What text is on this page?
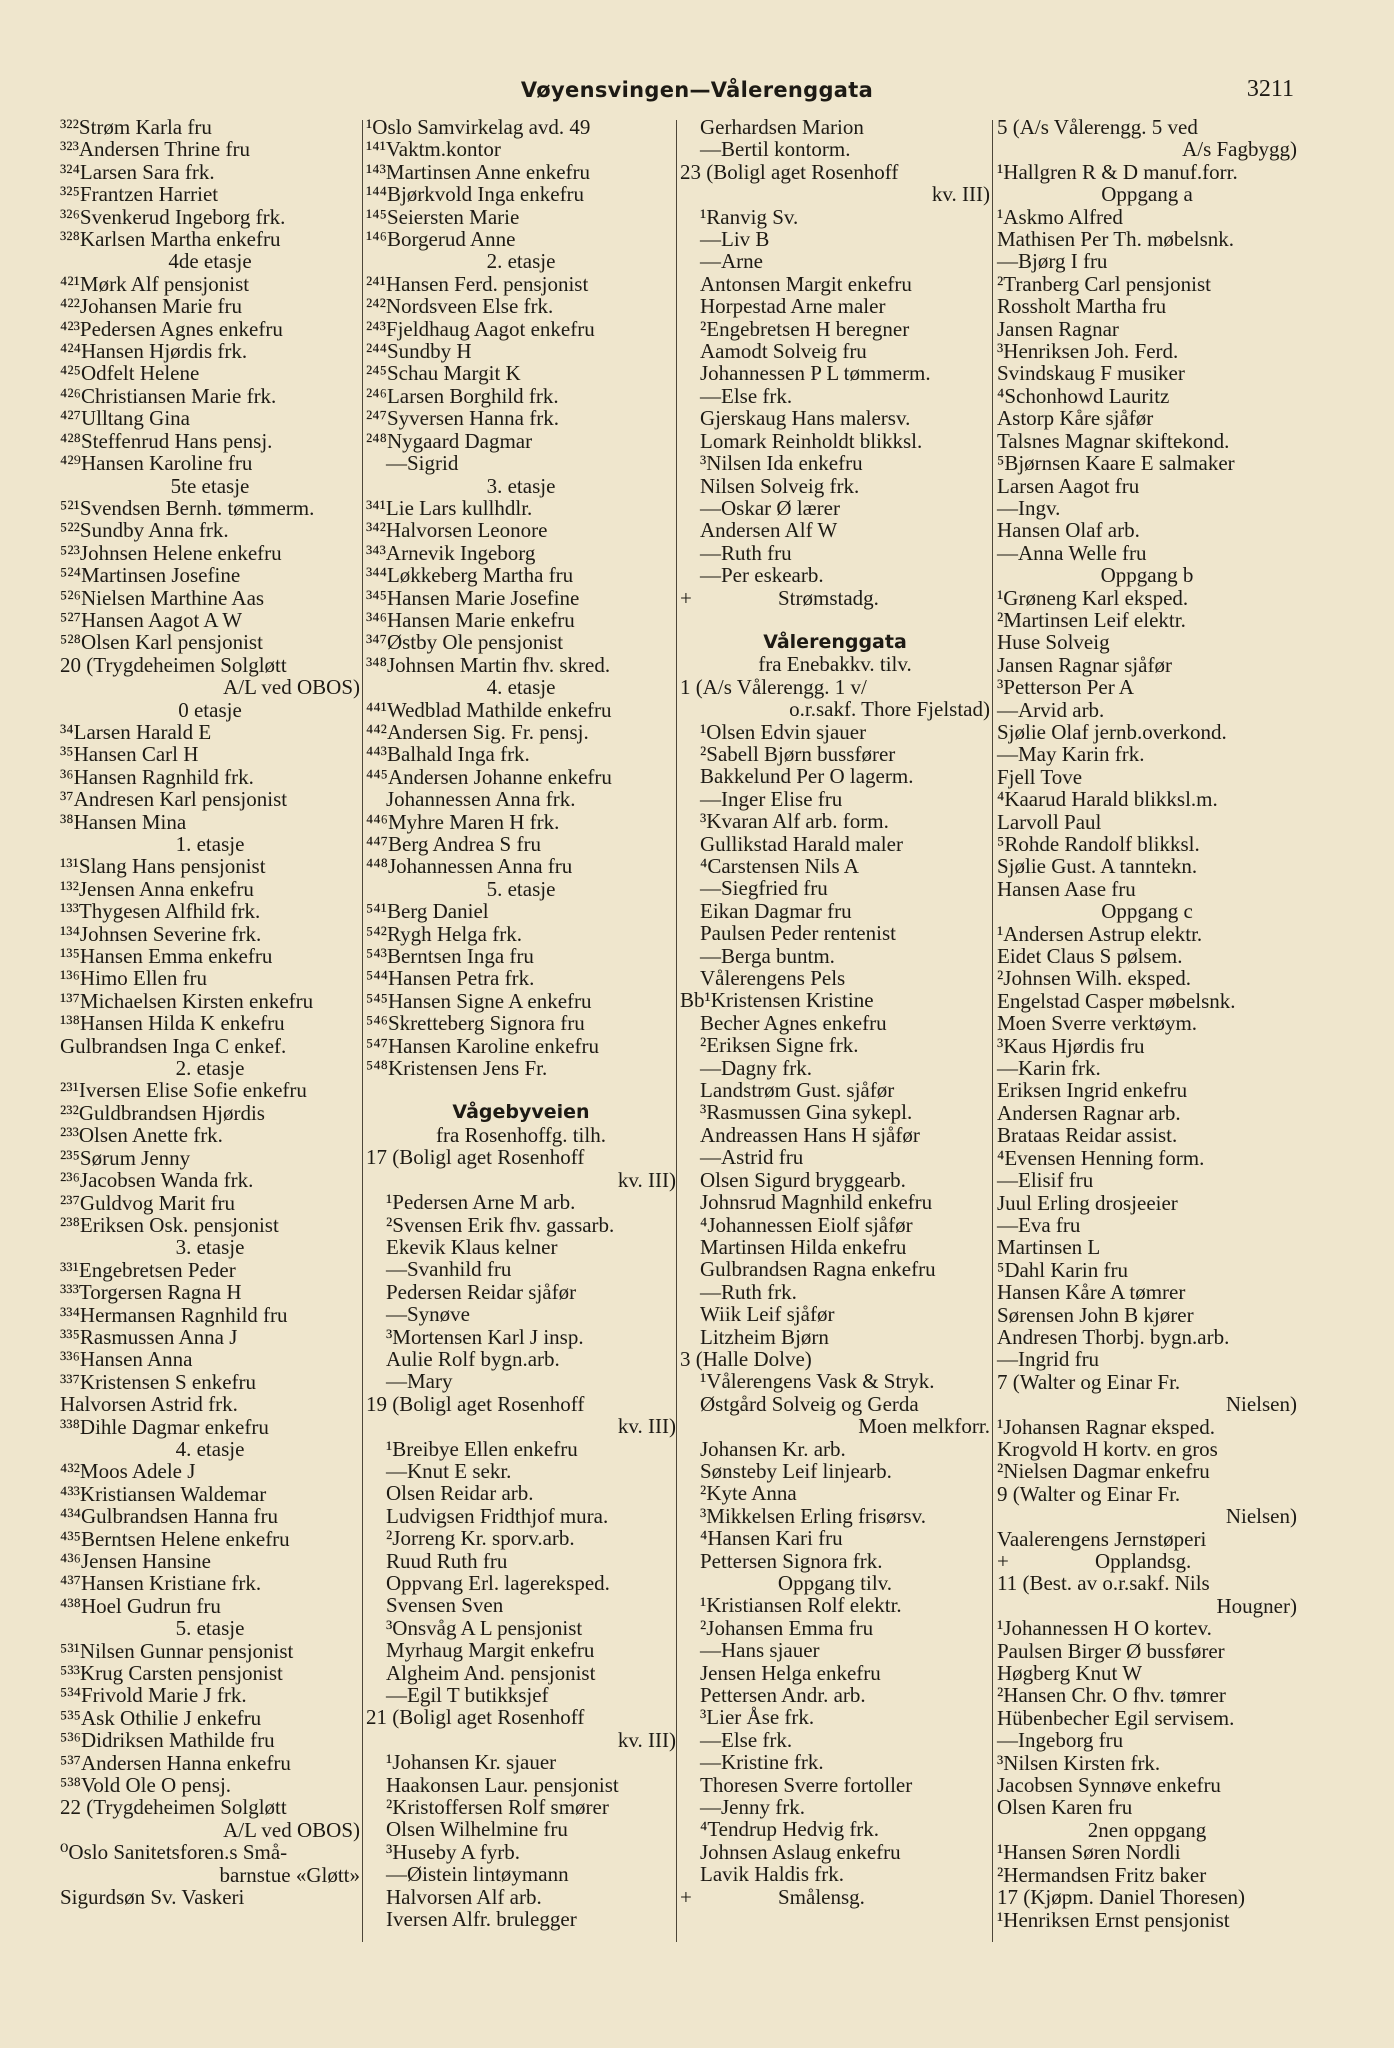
Vøyensvingen—Vålerenggata	3211
³²²Strøm Karla fru
³²³Andersen Thrine fru
³²⁴Larsen Sara frk.
³²⁵Frantzen Harriet
³²⁶Svenkerud Ingeborg frk.
³²⁸Karlsen Martha enkefru
4de etasje
⁴²¹Mørk Alf pensjonist
⁴²²Johansen Marie fru
⁴²³Pedersen Agnes enkefru
⁴²⁴Hansen Hjørdis frk.
⁴²⁵Odfelt Helene
⁴²⁶Christiansen Marie frk.
⁴²⁷Ulltang Gina
⁴²⁸Steffenrud Hans pensj.
⁴²⁹Hansen Karoline fru
5te etasje
⁵²¹Svendsen Bernh. tømmerm.
⁵²²Sundby Anna frk.
⁵²³Johnsen Helene enkefru
⁵²⁴Martinsen Josefine
⁵²⁶Nielsen Marthine Aas
⁵²⁷Hansen Aagot A W
⁵²⁸Olsen Karl pensjonist
20 (Trygdeheimen Solgløtt
A/L ved OBOS)
0 etasje
³⁴Larsen Harald E
³⁵Hansen Carl H
³⁶Hansen Ragnhild frk.
³⁷Andresen Karl pensjonist
³⁸Hansen Mina
1. etasje
¹³¹Slang Hans pensjonist
¹³²Jensen Anna enkefru
¹³³Thygesen Alfhild frk.
¹³⁴Johnsen Severine frk.
¹³⁵Hansen Emma enkefru
¹³⁶Himo Ellen fru
¹³⁷Michaelsen Kirsten enkefru
¹³⁸Hansen Hilda K enkefru
Gulbrandsen Inga C enkef.
2. etasje
²³¹Iversen Elise Sofie enkefru
²³²Guldbrandsen Hjørdis
²³³Olsen Anette frk.
²³⁵Sørum Jenny
²³⁶Jacobsen Wanda frk.
²³⁷Guldvog Marit fru
²³⁸Eriksen Osk. pensjonist
3. etasje
³³¹Engebretsen Peder
³³³Torgersen Ragna H
³³⁴Hermansen Ragnhild fru
³³⁵Rasmussen Anna J
³³⁶Hansen Anna
³³⁷Kristensen S enkefru
Halvorsen Astrid frk.
³³⁸Dihle Dagmar enkefru
4. etasje
⁴³²Moos Adele J
⁴³³Kristiansen Waldemar
⁴³⁴Gulbrandsen Hanna fru
⁴³⁵Berntsen Helene enkefru
⁴³⁶Jensen Hansine
⁴³⁷Hansen Kristiane frk.
⁴³⁸Hoel Gudrun fru
5. etasje
⁵³¹Nilsen Gunnar pensjonist
⁵³³Krug Carsten pensjonist
⁵³⁴Frivold Marie J frk.
⁵³⁵Ask Othilie J enkefru
⁵³⁶Didriksen Mathilde fru
⁵³⁷Andersen Hanna enkefru
⁵³⁸Vold Ole O pensj.
22 (Trygdeheimen Solgløtt
A/L ved OBOS)
⁰Oslo Sanitetsforen.s Små-
barnstue «Gløtt»
Sigurdsøn Sv. Vaskeri
¹Oslo Samvirkelag avd. 49
¹⁴¹Vaktm.kontor
¹⁴³Martinsen Anne enkefru
¹⁴⁴Bjørkvold Inga enkefru
¹⁴⁵Seiersten Marie
¹⁴⁶Borgerud Anne
2. etasje
²⁴¹Hansen Ferd. pensjonist
²⁴²Nordsveen Else frk.
²⁴³Fjeldhaug Aagot enkefru
²⁴⁴Sundby H
²⁴⁵Schau Margit K
²⁴⁶Larsen Borghild frk.
²⁴⁷Syversen Hanna frk.
²⁴⁸Nygaard Dagmar
—Sigrid
3. etasje
³⁴¹Lie Lars kullhdlr.
³⁴²Halvorsen Leonore
³⁴³Arnevik Ingeborg
³⁴⁴Løkkeberg Martha fru
³⁴⁵Hansen Marie Josefine
³⁴⁶Hansen Marie enkefru
³⁴⁷Østby Ole pensjonist
³⁴⁸Johnsen Martin fhv. skred.
4. etasje
⁴⁴¹Wedblad Mathilde enkefru
⁴⁴²Andersen Sig. Fr. pensj.
⁴⁴³Balhald Inga frk.
⁴⁴⁵Andersen Johanne enkefru
Johannessen Anna frk.
⁴⁴⁶Myhre Maren H frk.
⁴⁴⁷Berg Andrea S fru
⁴⁴⁸Johannessen Anna fru
5. etasje
⁵⁴¹Berg Daniel
⁵⁴²Rygh Helga frk.
⁵⁴³Berntsen Inga fru
⁵⁴⁴Hansen Petra frk.
⁵⁴⁵Hansen Signe A enkefru
⁵⁴⁶Skretteberg Signora fru
⁵⁴⁷Hansen Karoline enkefru
⁵⁴⁸Kristensen Jens Fr.
Vågebyveien
fra Rosenhoffg. tilh.
17 (Boligl aget Rosenhoff
kv. III)
¹Pedersen Arne M arb.
²Svensen Erik fhv. gassarb.
Ekevik Klaus kelner
—Svanhild fru
Pedersen Reidar sjåfør
—Synøve
³Mortensen Karl J insp.
Aulie Rolf bygn.arb.
—Mary
19 (Boligl aget Rosenhoff
kv. III)
¹Breibye Ellen enkefru
—Knut E sekr.
Olsen Reidar arb.
Ludvigsen Fridthjof mura.
²Jorreng Kr. sporv.arb.
Ruud Ruth fru
Oppvang Erl. lagereksped.
Svensen Sven
³Onsvåg A L pensjonist
Myrhaug Margit enkefru
Algheim And. pensjonist
—Egil T butikksjef
21 (Boligl aget Rosenhoff
kv. III)
¹Johansen Kr. sjauer
Haakonsen Laur. pensjonist
²Kristoffersen Rolf smører
Olsen Wilhelmine fru
³Huseby A fyrb.
—Øistein lintøymann
Halvorsen Alf arb.
Iversen Alfr. brulegger
Gerhardsen Marion
—Bertil kontorm.
23 (Boligl aget Rosenhoff
kv. III)
¹Ranvig Sv.
—Liv B
—Arne
Antonsen Margit enkefru
Horpestad Arne maler
²Engebretsen H beregner
Aamodt Solveig fru
Johannessen P L tømmerm.
—Else frk.
Gjerskaug Hans malersv.
Lomark Reinholdt blikksl.
³Nilsen Ida enkefru
Nilsen Solveig frk.
—Oskar Ø lærer
Andersen Alf W
—Ruth fru
—Per eskearb.
+	Strømstadg.
Vålerenggata
fra Enebakkv. tilv.
1 (A/s Vålerengg. 1 v/
o.r.sakf. Thore Fjelstad)
¹Olsen Edvin sjauer
²Sabell Bjørn bussfører
Bakkelund Per O lagerm.
—Inger Elise fru
³Kvaran Alf arb. form.
Gullikstad Harald maler
⁴Carstensen Nils A
—Siegfried fru
Eikan Dagmar fru
Paulsen Peder rentenist
—Berga buntm.
Vålerengens Pels
Bb¹Kristensen Kristine
Becher Agnes enkefru
²Eriksen Signe frk.
—Dagny frk.
Landstrøm Gust. sjåfør
³Rasmussen Gina sykepl.
Andreassen Hans H sjåfør
—Astrid fru
Olsen Sigurd bryggearb.
Johnsrud Magnhild enkefru
⁴Johannessen Eiolf sjåfør
Martinsen Hilda enkefru
Gulbrandsen Ragna enkefru
—Ruth frk.
Wiik Leif sjåfør
Litzheim Bjørn
3 (Halle Dolve)
¹Vålerengens Vask & Stryk.
Østgård Solveig og Gerda
Moen melkforr.
Johansen Kr. arb.
Sønsteby Leif linjearb.
²Kyte Anna
³Mikkelsen Erling frisørsv.
⁴Hansen Kari fru
Pettersen Signora frk.
Oppgang tilv.
¹Kristiansen Rolf elektr.
²Johansen Emma fru
—Hans sjauer
Jensen Helga enkefru
Pettersen Andr. arb.
³Lier Åse frk.
—Else frk.
—Kristine frk.
Thoresen Sverre fortoller
—Jenny frk.
⁴Tendrup Hedvig frk.
Johnsen Aslaug enkefru
Lavik Haldis frk.
+	Smålensg.
5 (A/s Vålerengg. 5 ved
A/s Fagbygg)
¹Hallgren R & D manuf.forr.
Oppgang a
¹Askmo Alfred
Mathisen Per Th. møbelsnk.
—Bjørg I fru
²Tranberg Carl pensjonist
Rossholt Martha fru
Jansen Ragnar
³Henriksen Joh. Ferd.
Svindskaug F musiker
⁴Schonhowd Lauritz
Astorp Kåre sjåfør
Talsnes Magnar skiftekond.
⁵Bjørnsen Kaare E salmaker
Larsen Aagot fru
—Ingv.
Hansen Olaf arb.
—Anna Welle fru
Oppgang b
¹Grøneng Karl eksped.
²Martinsen Leif elektr.
Huse Solveig
Jansen Ragnar sjåfør
³Petterson Per A
—Arvid arb.
Sjølie Olaf jernb.overkond.
—May Karin frk.
Fjell Tove
⁴Kaarud Harald blikksl.m.
Larvoll Paul
⁵Rohde Randolf blikksl.
Sjølie Gust. A tanntekn.
Hansen Aase fru
Oppgang c
¹Andersen Astrup elektr.
Eidet Claus S pølsem.
²Johnsen Wilh. eksped.
Engelstad Casper møbelsnk.
Moen Sverre verktøym.
³Kaus Hjørdis fru
—Karin frk.
Eriksen Ingrid enkefru
Andersen Ragnar arb.
Brataas Reidar assist.
⁴Evensen Henning form.
—Elisif fru
Juul Erling drosjeeier
—Eva fru
Martinsen L
⁵Dahl Karin fru
Hansen Kåre A tømrer
Sørensen John B kjører
Andresen Thorbj. bygn.arb.
—Ingrid fru
7 (Walter og Einar Fr.
Nielsen)
¹Johansen Ragnar eksped.
Krogvold H kortv. en gros
²Nielsen Dagmar enkefru
9 (Walter og Einar Fr.
Nielsen)
Vaalerengens Jernstøperi
+	Opplandsg.
11 (Best. av o.r.sakf. Nils
Hougner)
¹Johannessen H O kortev.
Paulsen Birger Ø bussfører
Høgberg Knut W
²Hansen Chr. O fhv. tømrer
Hübenbecher Egil servisem.
—Ingeborg fru
³Nilsen Kirsten frk.
Jacobsen Synnøve enkefru
Olsen Karen fru
2nen oppgang
¹Hansen Søren Nordli
²Hermandsen Fritz baker
17 (Kjøpm. Daniel Thoresen)
¹Henriksen Ernst pensjonist
